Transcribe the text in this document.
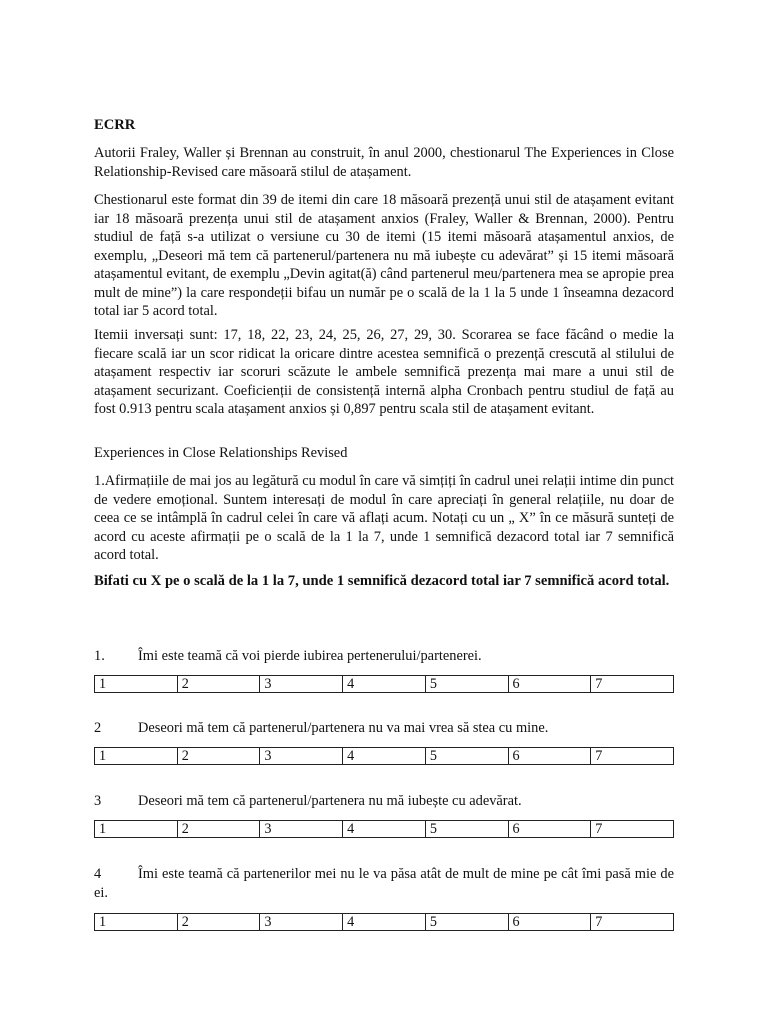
ECRR

Autorii Fraley, Waller și Brennan au construit, în anul 2000, chestionarul The Experiences in Close Relationship-Revised care măsoară stilul de atașament.

Chestionarul este format din 39 de itemi din care 18 măsoară prezență unui stil de atașament evitant iar 18 măsoară prezența unui stil de atașament anxios (Fraley, Waller & Brennan, 2000). Pentru studiul de față s-a utilizat o versiune cu 30 de itemi (15 itemi măsoară atașamentul anxios, de exemplu, „Deseori mă tem că partenerul/partenera nu mă iubește cu adevărat” și 15 itemi măsoară atașamentul evitant, de exemplu „Devin agitat(ă) când partenerul meu/partenera mea se apropie prea mult de mine”) la care respondeții bifau un număr pe o scală de la 1 la 5 unde 1 înseamna dezacord total iar 5 acord total.

Itemii inversați sunt: 17, 18, 22, 23, 24, 25, 26, 27, 29, 30. Scorarea se face făcând o medie la fiecare scală iar un scor ridicat la oricare dintre acestea semnifică o prezență crescută al stilului de atașament respectiv iar scoruri scăzute le ambele semnifică prezența mai mare a unui stil de atașament securizant. Coeficienții de consistență internă alpha Cronbach pentru studiul de față au fost 0.913 pentru scala atașament anxios și 0,897 pentru scala stil de atașament evitant.

Experiences in Close Relationships Revised

1.Afirmațiile de mai jos au legătură cu modul în care vă simțiți în cadrul unei relații intime din punct de vedere emoțional. Suntem interesați de modul în care apreciați în general relațiile, nu doar de ceea ce se intâmplă în cadrul celei în care vă aflați acum. Notați cu un „ X” în ce măsură sunteți de acord cu aceste afirmații pe o scală de la 1 la 7, unde 1 semnifică dezacord total iar 7 semnifică acord total.

Bifati cu X pe o scală de la 1 la 7, unde 1 semnifică dezacord total iar 7 semnifică acord total.

1. Îmi este teamă că voi pierde iubirea pertenerului/partenerei.

1	2	3	4	5	6	7

2	Deseori mă tem că partenerul/partenera nu va mai vrea să stea cu mine.

1	2	3	4	5	6	7

3	Deseori mă tem că partenerul/partenera nu mă iubește cu adevărat.

1	2	3	4	5	6	7

4	Îmi este teamă că partenerilor mei nu le va păsa atât de mult de mine pe cât îmi pasă mie de ei.

1	2	3	4	5	6	7
